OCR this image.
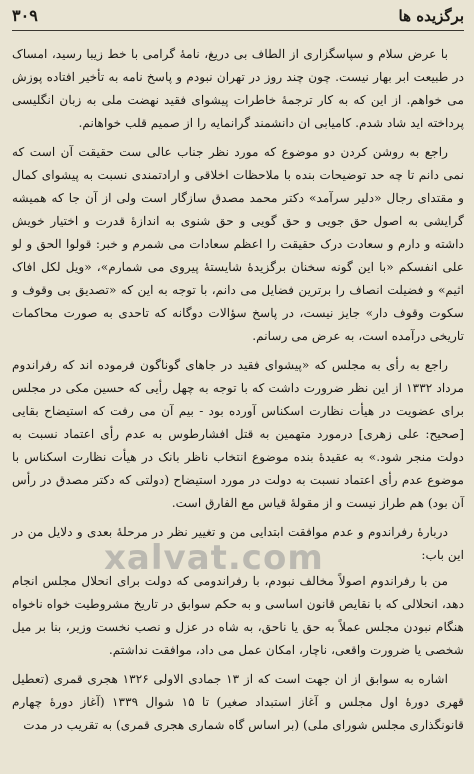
برگزیده ها
۳۰۹

با عرض سلام و سپاسگزاری از الطاف بی دریغ، نامهٔ گرامی با خط زیبا رسید، امساک در طبیعت ابر بهار نیست. چون چند روز در تهران نبودم و پاسخ نامه به تأخیر افتاده پوزش می خواهم. از این که به کار ترجمهٔ خاطرات پیشوای فقید نهضت ملی به زبان انگلیسی پرداخته اید شاد شدم. کامیابی ان دانشمند گرانمایه را از صمیم قلب خواهانم.

راجع به روشن کردن دو موضوع که مورد نظر جناب عالی ست حقیقت آن است که نمی دانم تا چه حد توضیحات بنده با ملاحظات اخلاقی و ارادتمندی نسبت به پیشوای کمال و مقتدای رجال «دلیر سرآمد» دکتر محمد مصدق سازگار است ولی از آن جا که همیشه گرایشی به اصول حق جویی و حق گویی و حق شنوی به اندازهٔ قدرت و اختیار خویش داشته و دارم و سعادت درک حقیقت را اعظم سعادات می شمرم و خبر: قولوا الحق و لو علی انفسکم «با این گونه سخنان برگزیدهٔ شایستهٔ پیروی می شمارم»، «ویل لکل افاک اثیم» و فضیلت انصاف را برترین فضایل می دانم، با توجه به این که «تصدیق بی وقوف و سکوت وقوف دار» جایز نیست، در پاسخ سؤالات دوگانه که تاحدی به صورت محاکمات تاریخی درآمده است، به عرض می رسانم.

راجع به رأی به مجلس که «پیشوای فقید در جاهای گوناگون فرموده اند که رفراندوم مرداد ۱۳۳۲ از این نظر ضرورت داشت که با توجه به چهل رأیی که حسین مکی در مجلس برای عضویت در هیأت نظارت اسکناس آورده بود - بیم آن می رفت که استیضاح بقایی [صحیح: علی زهری] درمورد متهمین به قتل افشارطوس به عدم رأی اعتماد نسبت به دولت منجر شود.» به عقیدهٔ بنده موضوع انتخاب ناظر بانک در هیأت نظارت اسکناس با موضوع عدم رأی اعتماد نسبت به دولت در مورد استیضاح (دولتی که دکتر مصدق در رأس آن بود) هم طراز نیست و از مقولهٔ قیاس مع الفارق است.

دربارهٔ رفراندوم و عدم موافقت ابتدایی من و تغییر نظر در مرحلهٔ بعدی و دلایل من در این باب:

من با رفراندوم اصولاً مخالف نبودم، با رفراندومی که دولت برای انحلال مجلس انجام دهد، انحلالی که با نقایص قانون اساسی و به حکم سوابق در تاریخ مشروطیت خواه ناخواه هنگام نبودن مجلس عملاً به حق یا ناحق، به شاه در عزل و نصب نخست وزیر، بنا بر میل شخصی یا ضرورت واقعی، ناچار، امکان عمل می داد، موافقت نداشتم.

اشاره به سوابق از ان جهت است که از ۱۳ جمادی الاولی ۱۳۲۶ هجری قمری (تعطیل قهری دورهٔ اول مجلس و آغاز استبداد صغیر) تا ۱۵ شوال ۱۳۳۹ (آغاز دورهٔ چهارم قانونگذاری مجلس شورای ملی) (بر اساس گاه شماری هجری قمری) به تقریب در مدت

xalvat.com
